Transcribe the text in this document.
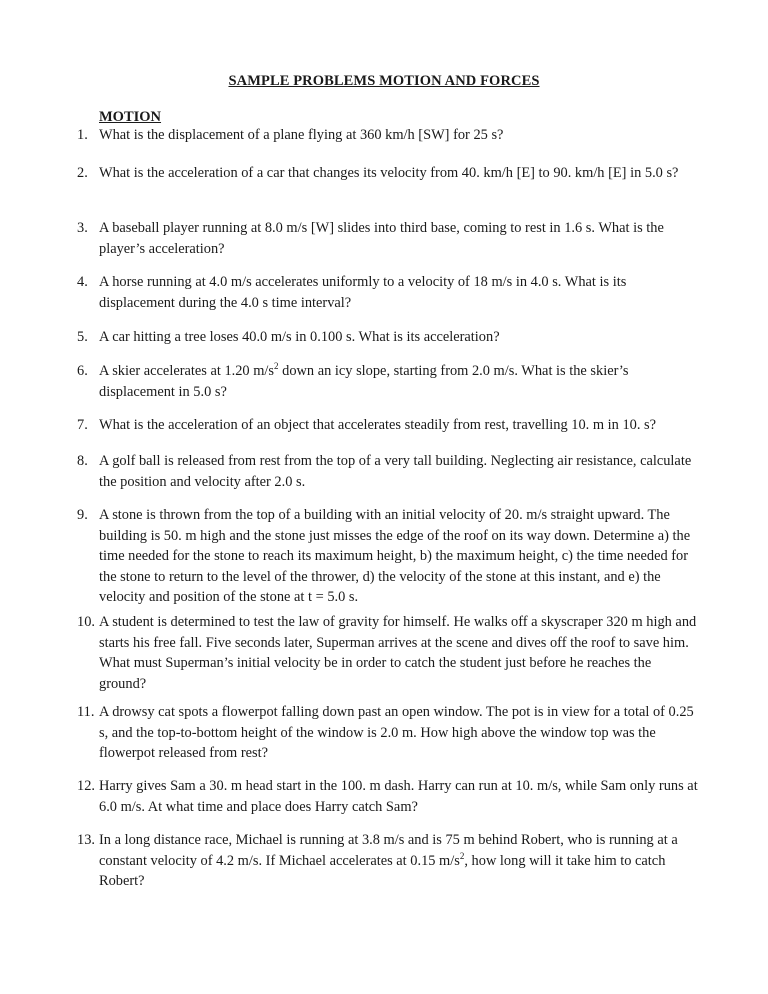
SAMPLE PROBLEMS MOTION AND FORCES
MOTION
1. What is the displacement of a plane flying at 360 km/h [SW] for 25 s?
2. What is the acceleration of a car that changes its velocity from 40. km/h [E] to 90. km/h [E] in 5.0 s?
3. A baseball player running at 8.0 m/s [W] slides into third base, coming to rest in 1.6 s. What is the player’s acceleration?
4. A horse running at 4.0 m/s accelerates uniformly to a velocity of 18 m/s in 4.0 s. What is its displacement during the 4.0 s time interval?
5. A car hitting a tree loses 40.0 m/s in 0.100 s. What is its acceleration?
6. A skier accelerates at 1.20 $m/s^2$ down an icy slope, starting from 2.0 m/s. What is the skier’s displacement in 5.0 s?
7. What is the acceleration of an object that accelerates steadily from rest, travelling 10. m in 10. s?
8. A golf ball is released from rest from the top of a very tall building. Neglecting air resistance, calculate the position and velocity after 2.0 s.
9. A stone is thrown from the top of a building with an initial velocity of 20. m/s straight upward. The building is 50. m high and the stone just misses the edge of the roof on its way down. Determine a) the time needed for the stone to reach its maximum height, b) the maximum height, c) the time needed for the stone to return to the level of the thrower, d) the velocity of the stone at this instant, and e) the velocity and position of the stone at t = 5.0 s.
10. A student is determined to test the law of gravity for himself. He walks off a skyscraper 320 m high and starts his free fall. Five seconds later, Superman arrives at the scene and dives off the roof to save him. What must Superman’s initial velocity be in order to catch the student just before he reaches the ground?
11. A drowsy cat spots a flowerpot falling down past an open window. The pot is in view for a total of 0.25 s, and the top-to-bottom height of the window is 2.0 m. How high above the window top was the flowerpot released from rest?
12. Harry gives Sam a 30. m head start in the 100. m dash. Harry can run at 10. m/s, while Sam only runs at 6.0 m/s. At what time and place does Harry catch Sam?
13. In a long distance race, Michael is running at 3.8 m/s and is 75 m behind Robert, who is running at a constant velocity of 4.2 m/s. If Michael accelerates at 0.15 $m/s^2$, how long will it take him to catch Robert?
